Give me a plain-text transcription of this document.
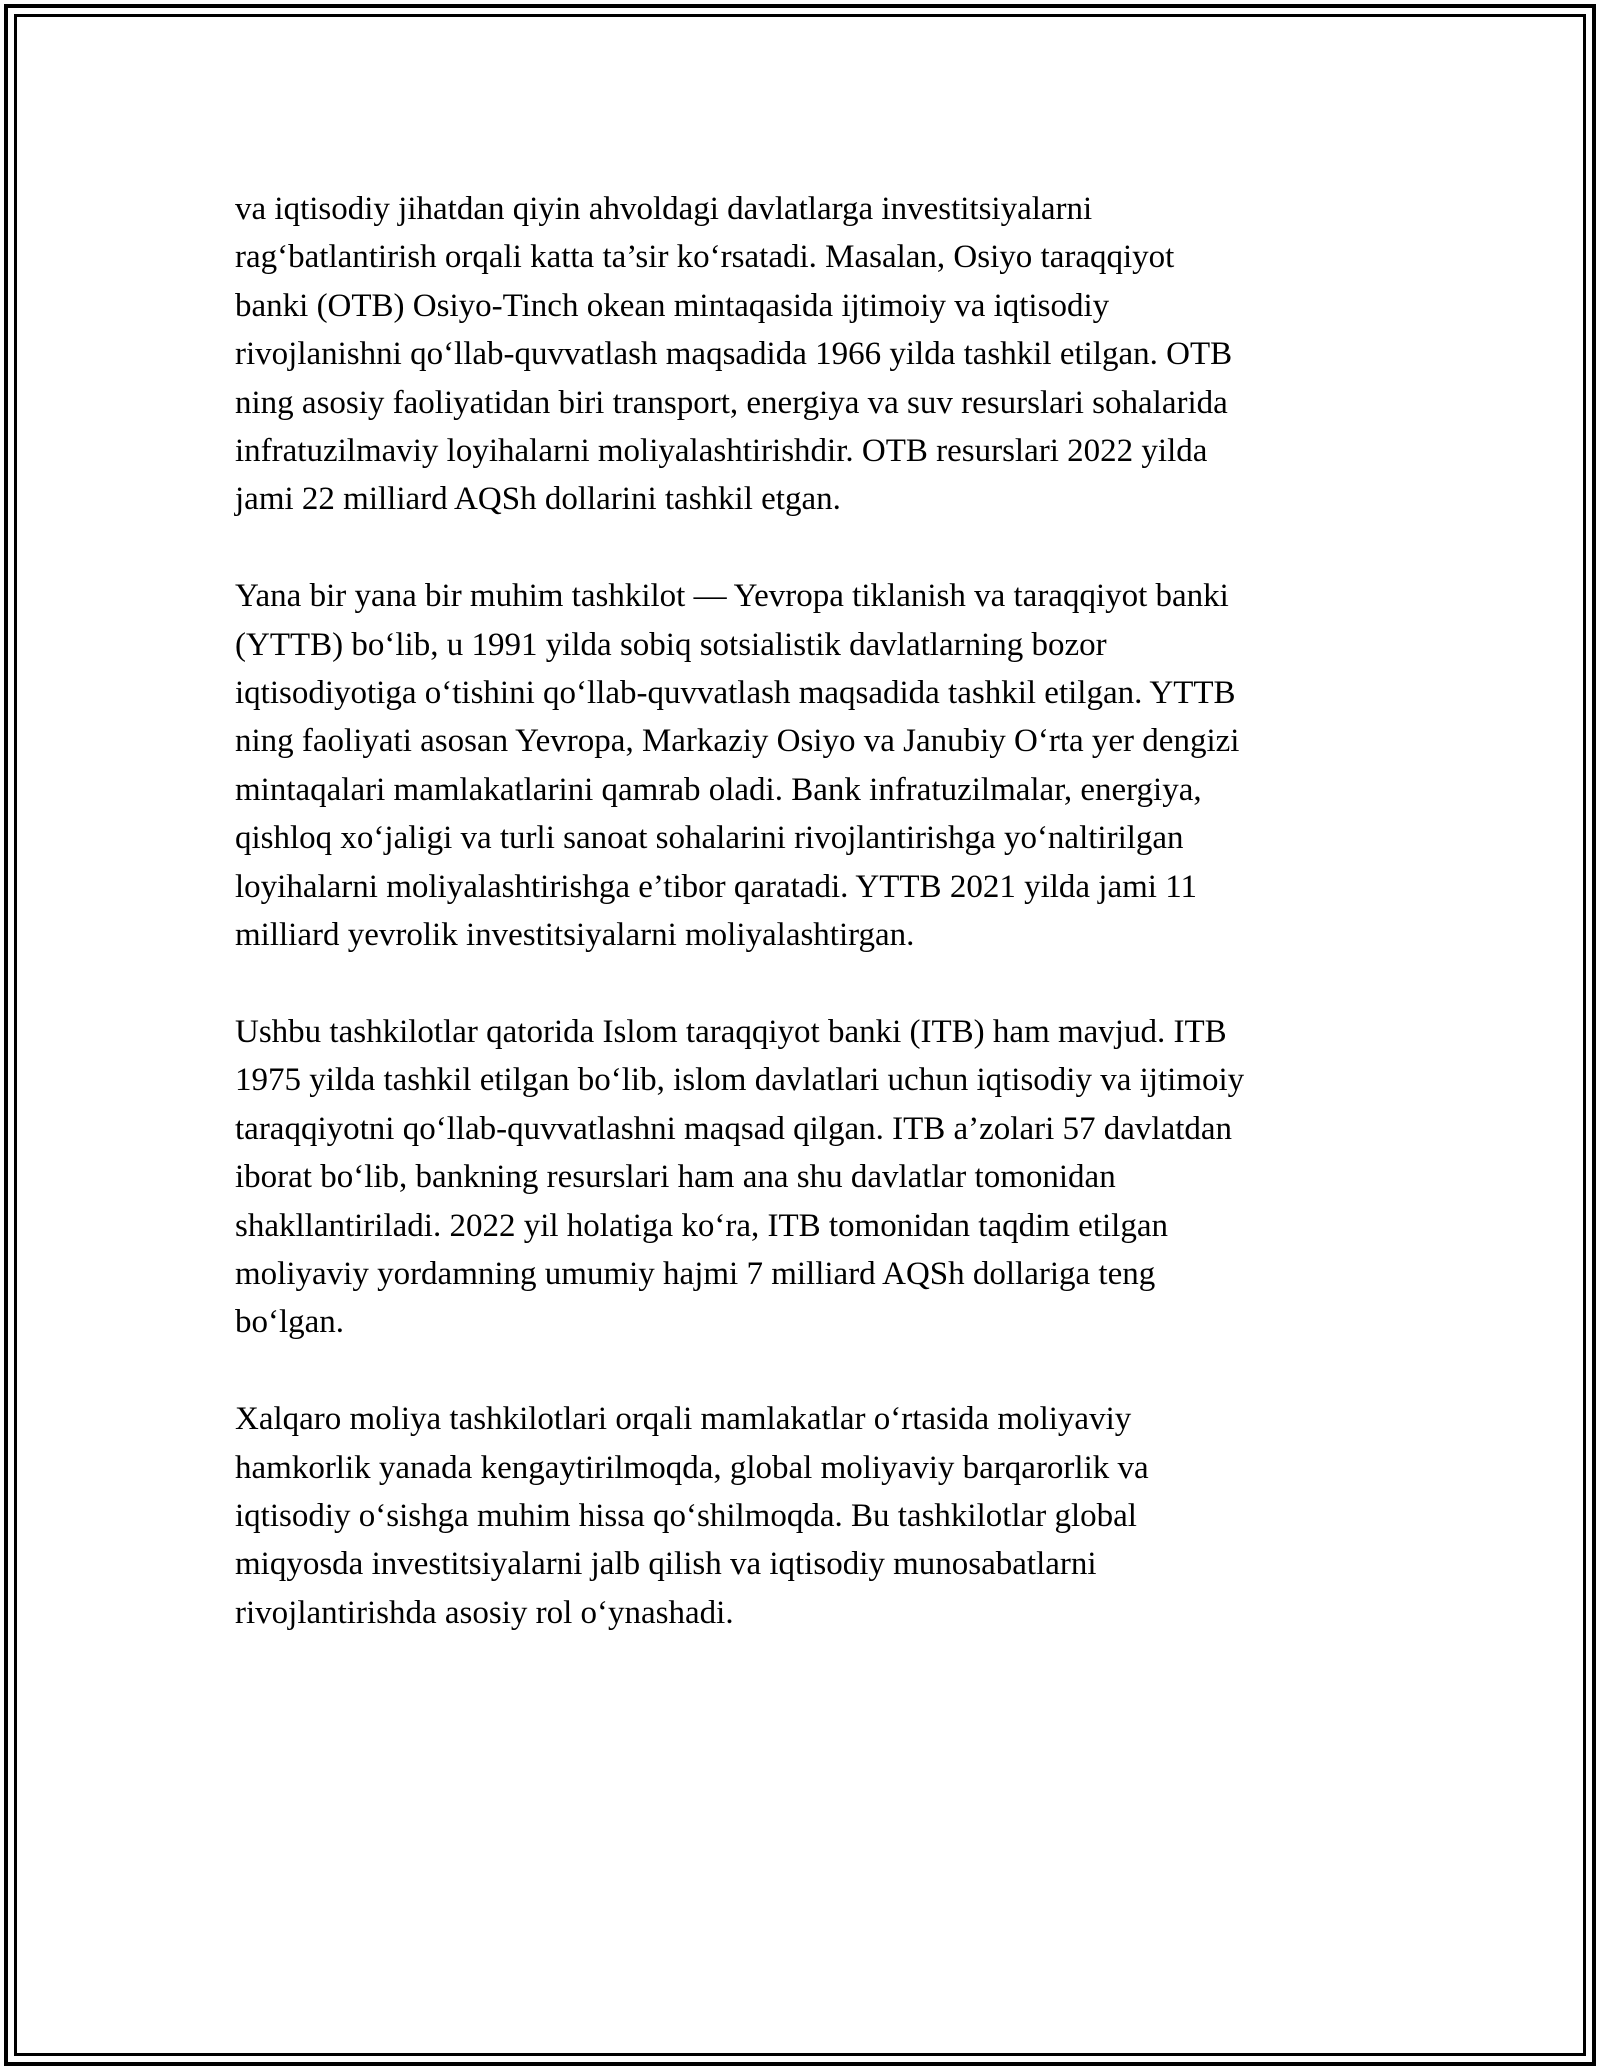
va iqtisodiy jihatdan qiyin ahvoldagi davlatlarga investitsiyalarni
rag‘batlantirish orqali katta ta’sir ko‘rsatadi. Masalan, Osiyo taraqqiyot
banki (OTB) Osiyo-Tinch okean mintaqasida ijtimoiy va iqtisodiy
rivojlanishni qo‘llab-quvvatlash maqsadida 1966 yilda tashkil etilgan. OTB
ning asosiy faoliyatidan biri transport, energiya va suv resurslari sohalarida
infratuzilmaviy loyihalarni moliyalashtirishdir. OTB resurslari 2022 yilda
jami 22 milliard AQSh dollarini tashkil etgan.

Yana bir yana bir muhim tashkilot — Yevropa tiklanish va taraqqiyot banki
(YTTB) bo‘lib, u 1991 yilda sobiq sotsialistik davlatlarning bozor
iqtisodiyotiga o‘tishini qo‘llab-quvvatlash maqsadida tashkil etilgan. YTTB
ning faoliyati asosan Yevropa, Markaziy Osiyo va Janubiy O‘rta yer dengizi
mintaqalari mamlakatlarini qamrab oladi. Bank infratuzilmalar, energiya,
qishloq xo‘jaligi va turli sanoat sohalarini rivojlantirishga yo‘naltirilgan
loyihalarni moliyalashtirishga e’tibor qaratadi. YTTB 2021 yilda jami 11
milliard yevrolik investitsiyalarni moliyalashtirgan.

Ushbu tashkilotlar qatorida Islom taraqqiyot banki (ITB) ham mavjud. ITB
1975 yilda tashkil etilgan bo‘lib, islom davlatlari uchun iqtisodiy va ijtimoiy
taraqqiyotni qo‘llab-quvvatlashni maqsad qilgan. ITB a’zolari 57 davlatdan
iborat bo‘lib, bankning resurslari ham ana shu davlatlar tomonidan
shakllantiriladi. 2022 yil holatiga ko‘ra, ITB tomonidan taqdim etilgan
moliyaviy yordamning umumiy hajmi 7 milliard AQSh dollariga teng
bo‘lgan.

Xalqaro moliya tashkilotlari orqali mamlakatlar o‘rtasida moliyaviy
hamkorlik yanada kengaytirilmoqda, global moliyaviy barqarorlik va
iqtisodiy o‘sishga muhim hissa qo‘shilmoqda. Bu tashkilotlar global
miqyosda investitsiyalarni jalb qilish va iqtisodiy munosabatlarni
rivojlantirishda asosiy rol o‘ynashadi.
